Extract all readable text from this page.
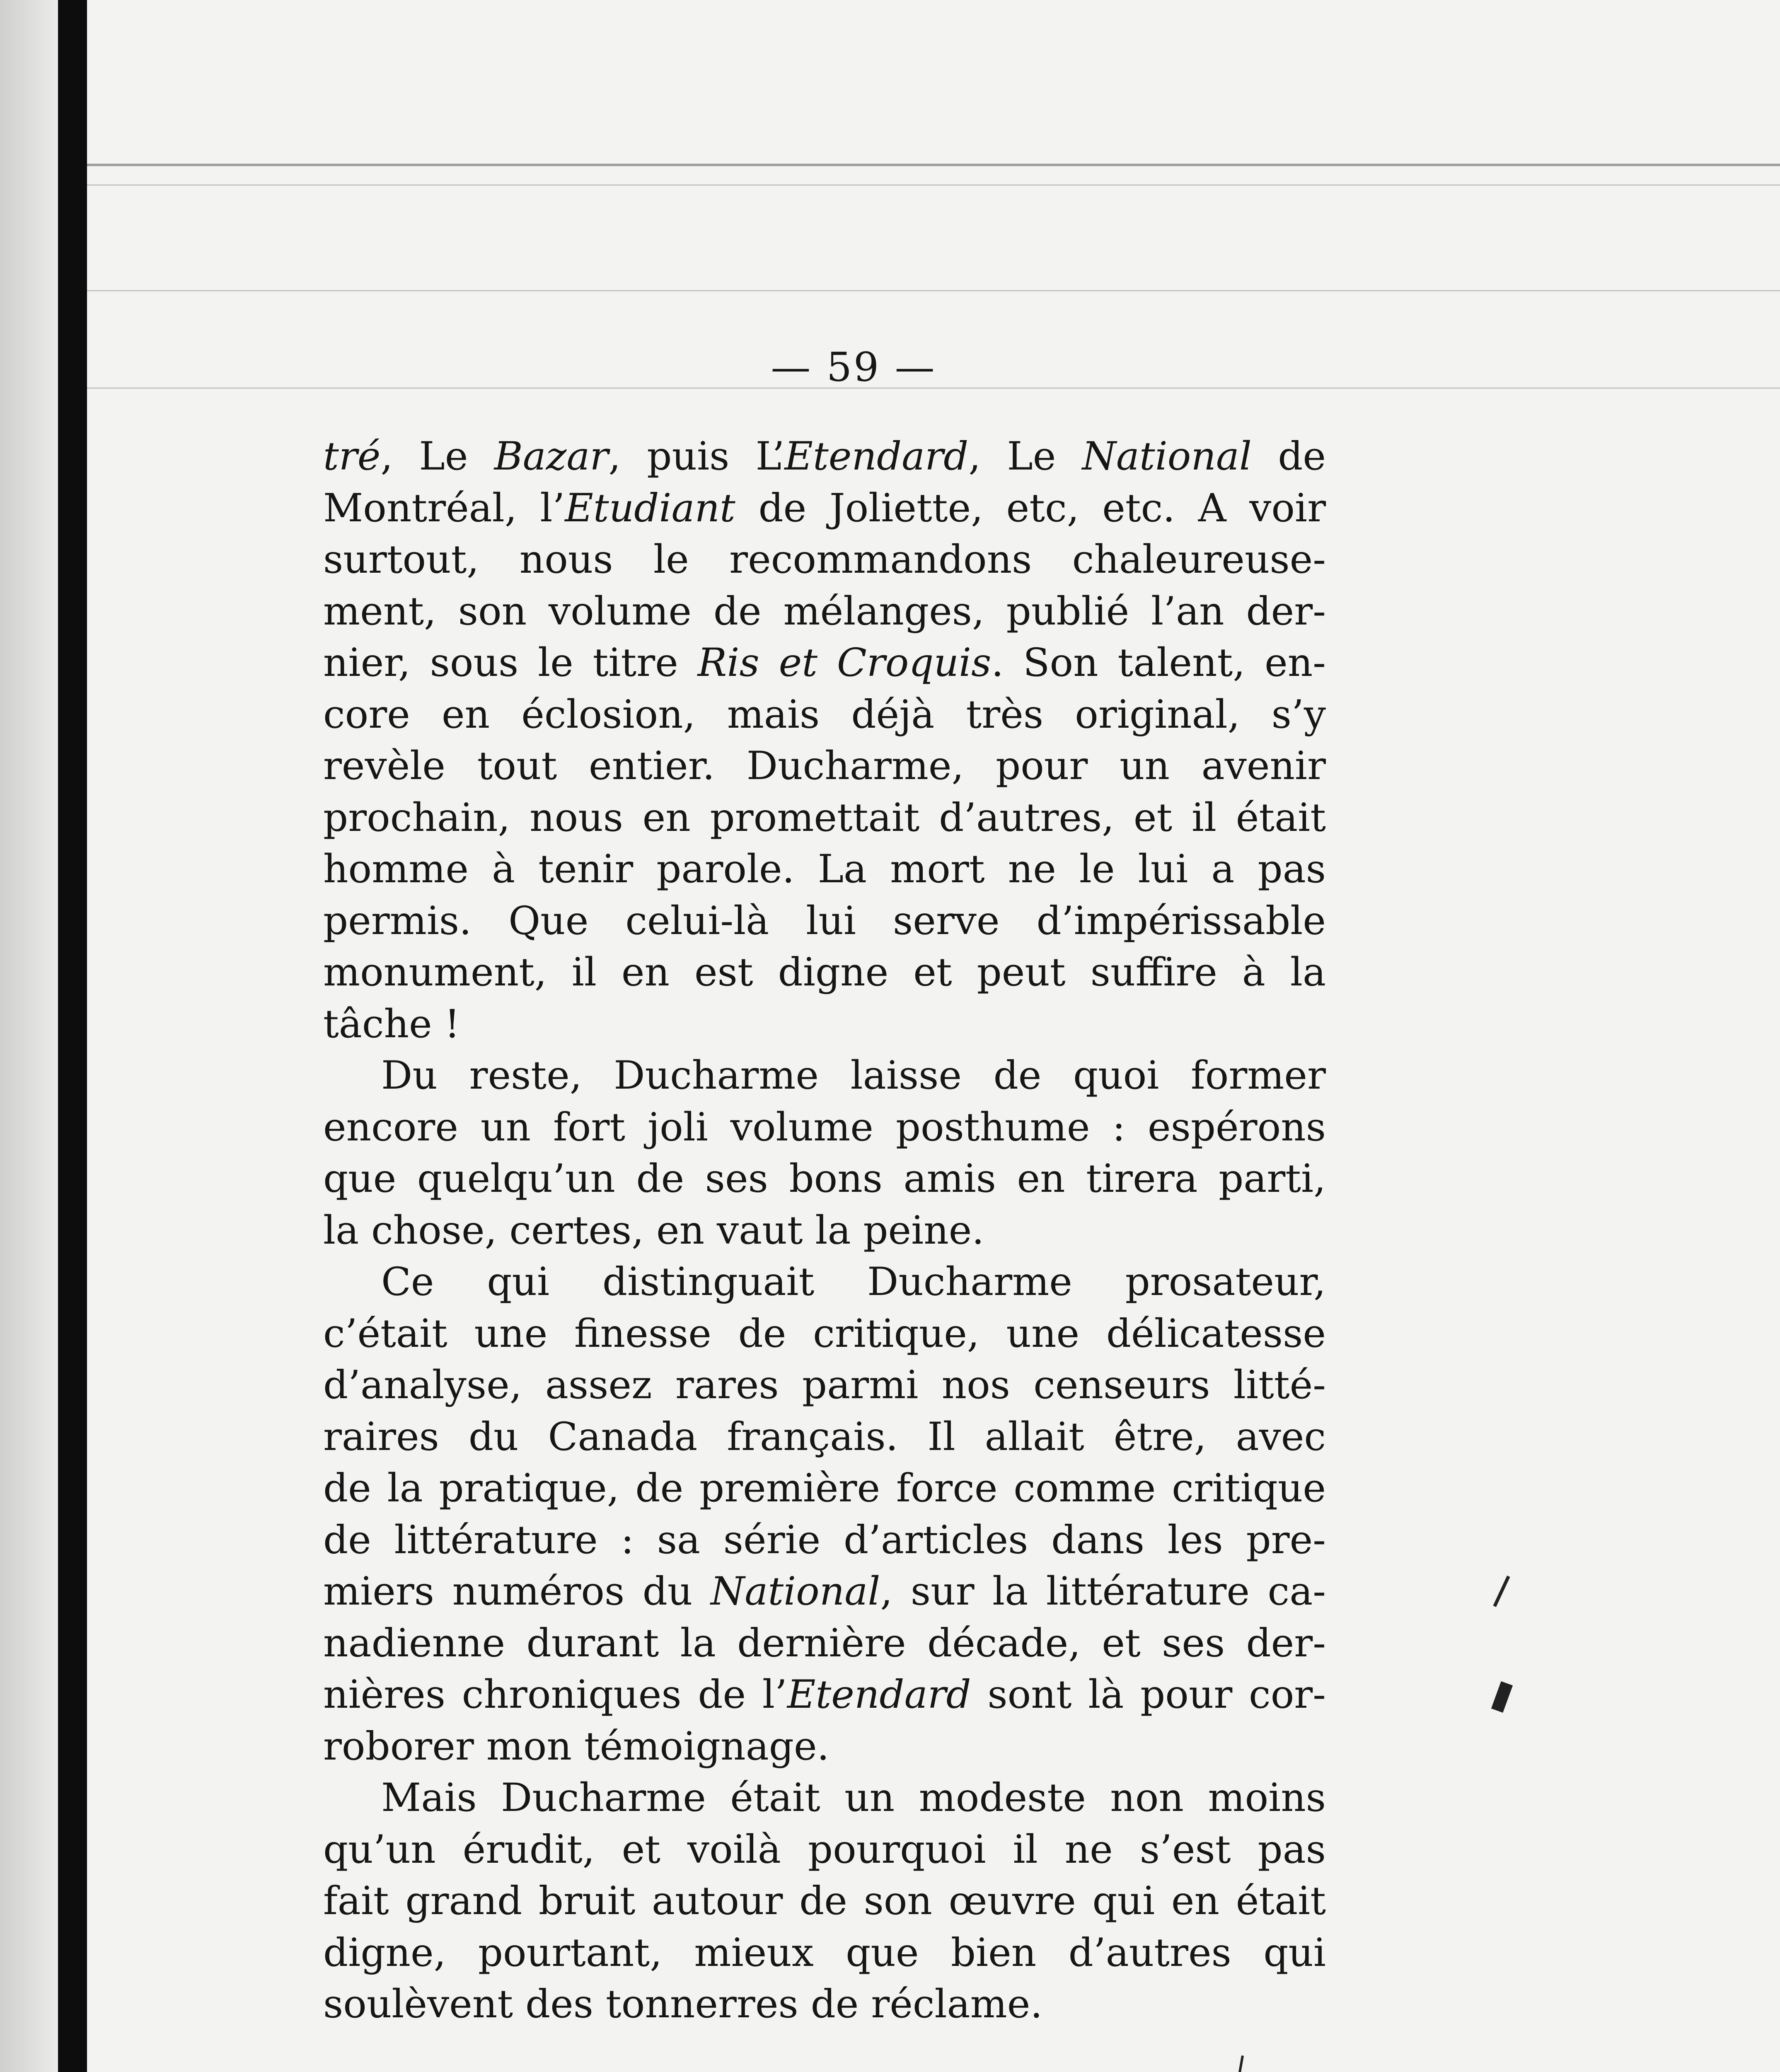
— 59 —
tré, Le Bazar, puis L’Etendard, Le National de
Montréal, l’Etudiant de Joliette, etc, etc. A voir
surtout, nous le recommandons chaleureuse-
ment, son volume de mélanges, publié l’an der-
nier, sous le titre Ris et Croquis. Son talent, en-
core en éclosion, mais déjà très original, s’y
revèle tout entier. Ducharme, pour un avenir
prochain, nous en promettait d’autres, et il était
homme à tenir parole. La mort ne le lui a pas
permis. Que celui-là lui serve d’impérissable
monument, il en est digne et peut suffire à la
tâche !
Du reste, Ducharme laisse de quoi former
encore un fort joli volume posthume : espérons
que quelqu’un de ses bons amis en tirera parti,
la chose, certes, en vaut la peine.
Ce qui distinguait Ducharme prosateur,
c’était une finesse de critique, une délicatesse
d’analyse, assez rares parmi nos censeurs litté-
raires du Canada français. Il allait être, avec
de la pratique, de première force comme critique
de littérature : sa série d’articles dans les pre-
miers numéros du National, sur la littérature ca-
nadienne durant la dernière décade, et ses der-
nières chroniques de l’Etendard sont là pour cor-
roborer mon témoignage.
Mais Ducharme était un modeste non moins
qu’un érudit, et voilà pourquoi il ne s’est pas
fait grand bruit autour de son œuvre qui en était
digne, pourtant, mieux que bien d’autres qui
soulèvent des tonnerres de réclame.
